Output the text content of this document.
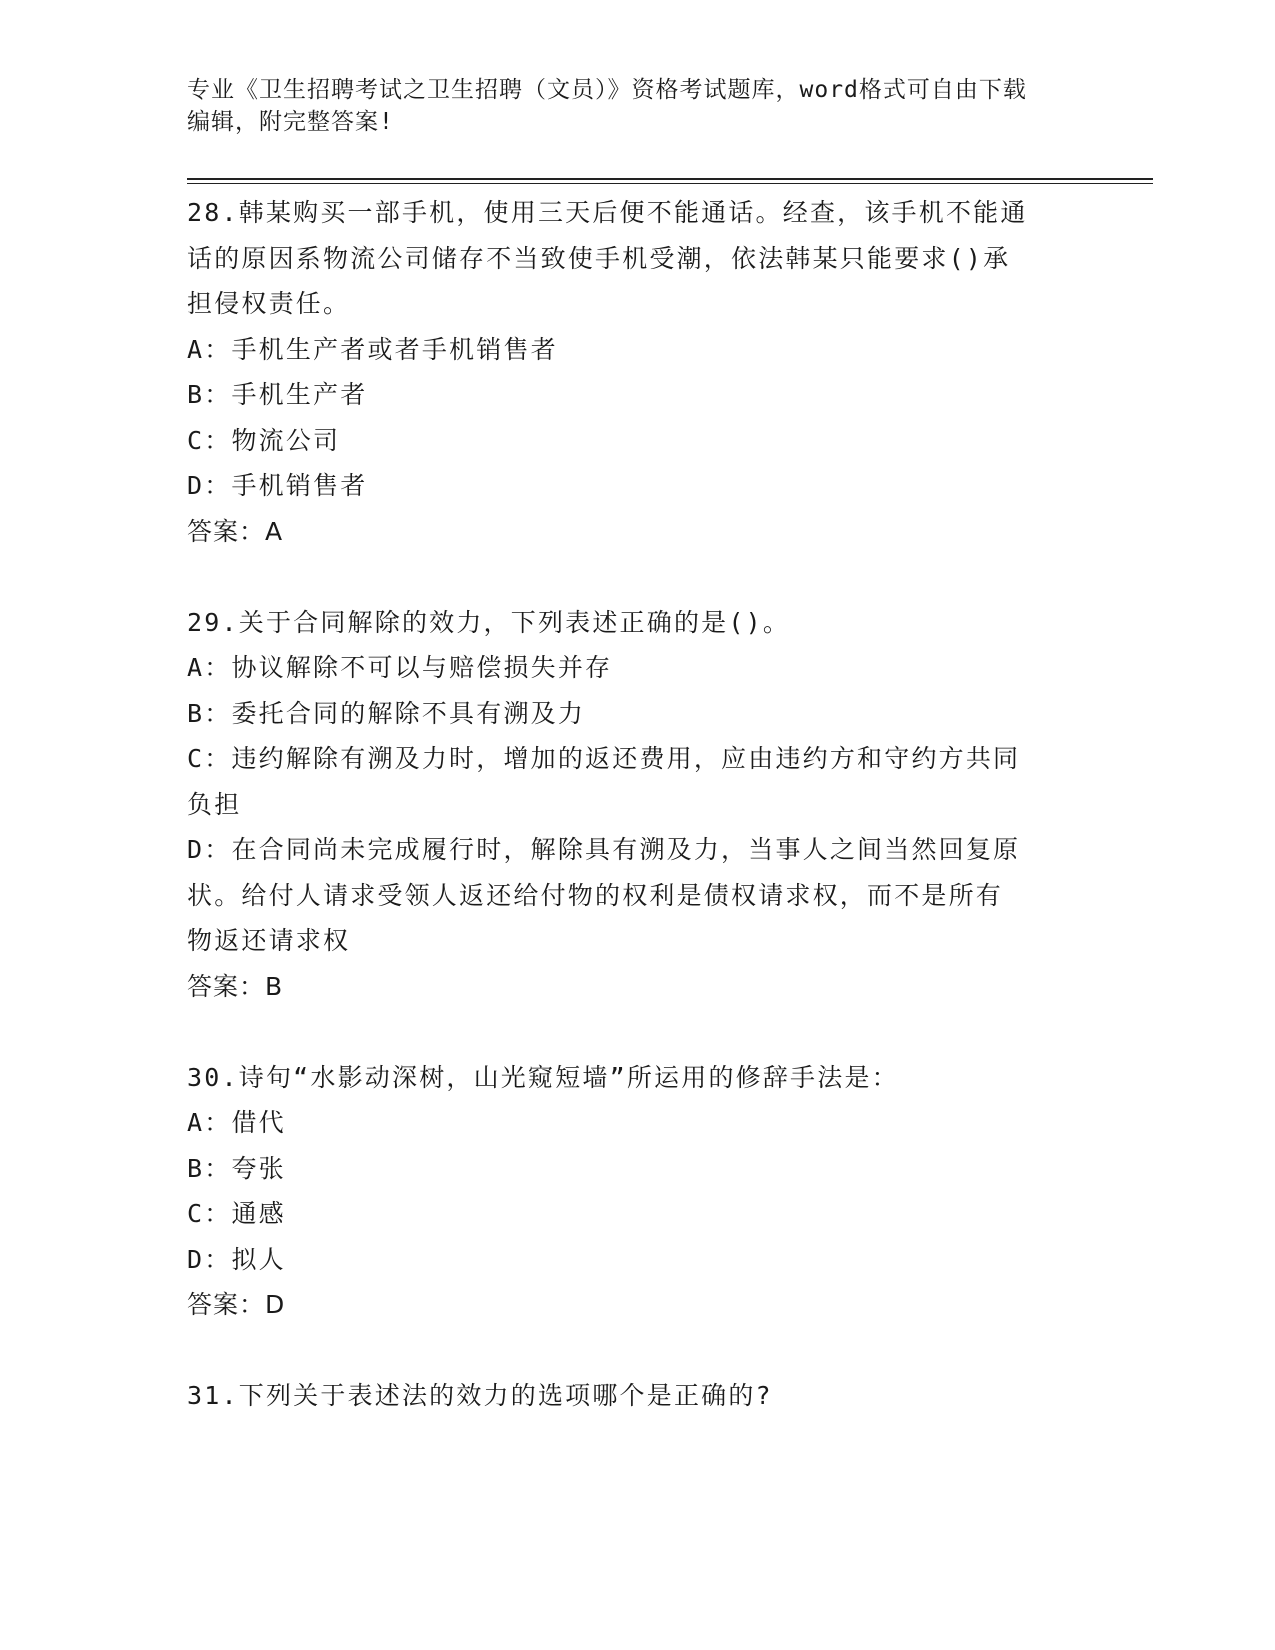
专业《卫生招聘考试之卫生招聘（文员）》资格考试题库，word格式可自由下载
编辑，附完整答案!
28.韩某购买一部手机，使用三天后便不能通话。经查，该手机不能通
话的原因系物流公司储存不当致使手机受潮，依法韩某只能要求()承
担侵权责任。
A：手机生产者或者手机销售者
B：手机生产者
C：物流公司
D：手机销售者
答案：A
29.关于合同解除的效力，下列表述正确的是()。
A：协议解除不可以与赔偿损失并存
B：委托合同的解除不具有溯及力
C：违约解除有溯及力时，增加的返还费用，应由违约方和守约方共同
负担
D：在合同尚未完成履行时，解除具有溯及力，当事人之间当然回复原
状。给付人请求受领人返还给付物的权利是债权请求权，而不是所有
物返还请求权
答案：B
30.诗句“水影动深树，山光窥短墙”所运用的修辞手法是：
A：借代
B：夸张
C：通感
D：拟人
答案：D
31.下列关于表述法的效力的选项哪个是正确的?
